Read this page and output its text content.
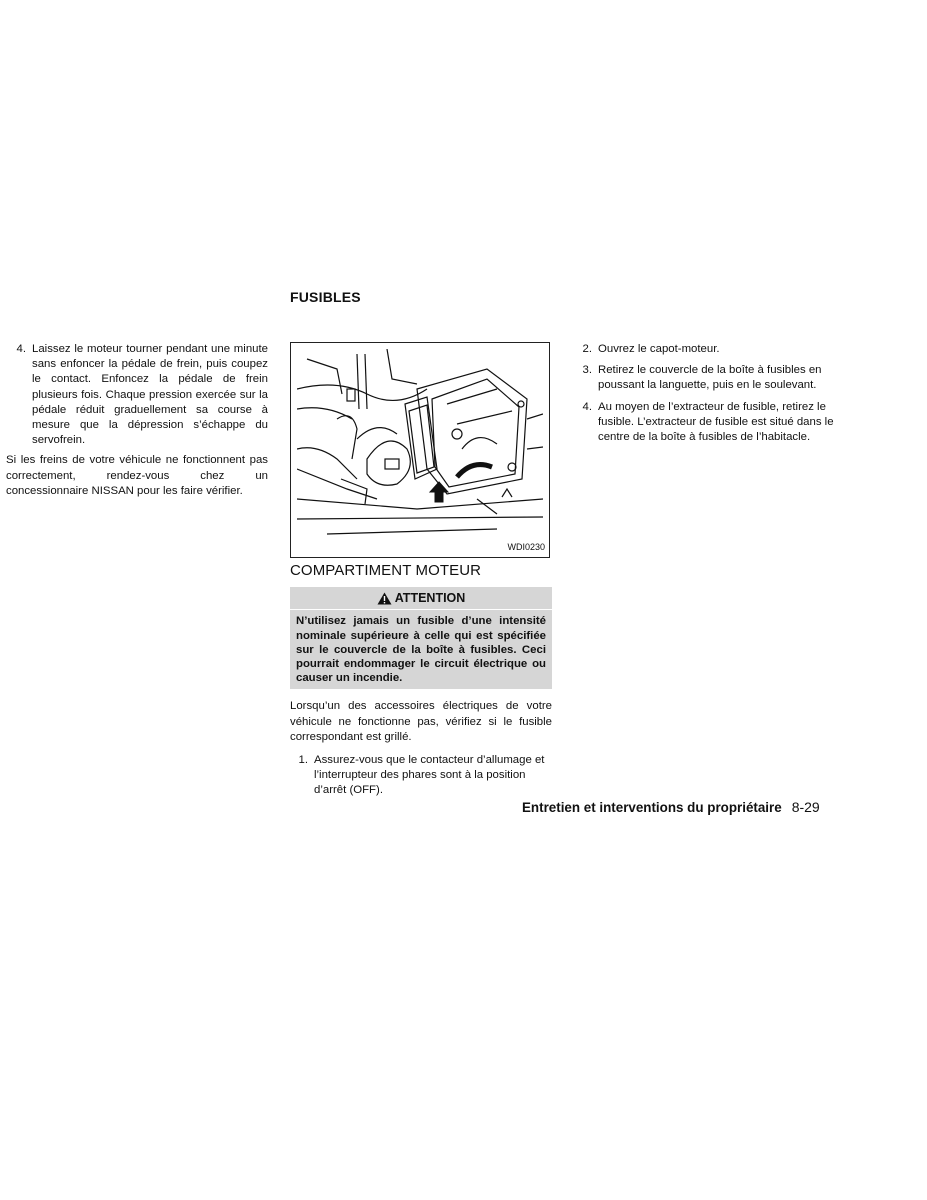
FUSIBLES
4. Laissez le moteur tourner pendant une minute sans enfoncer la pédale de frein, puis coupez le contact. Enfoncez la pédale de frein plusieurs fois. Chaque pression exercée sur la pédale réduit graduellement sa course à mesure que la dépression s’échappe du servofrein.

Si les freins de votre véhicule ne fonctionnent pas correctement, rendez-vous chez un concessionnaire NISSAN pour les faire vérifier.

WDI0230
COMPARTIMENT MOTEUR
ATTENTION
N’utilisez jamais un fusible d’une intensité nominale supérieure à celle qui est spécifiée sur le couvercle de la boîte à fusibles. Ceci pourrait endommager le circuit électrique ou causer un incendie.

Lorsqu’un des accessoires électriques de votre véhicule ne fonctionne pas, vérifiez si le fusible correspondant est grillé.

1. Assurez-vous que le contacteur d’allumage et l’interrupteur des phares sont à la position d’arrêt (OFF).
2. Ouvrez le capot-moteur.
3. Retirez le couvercle de la boîte à fusibles en poussant la languette, puis en le soulevant.
4. Au moyen de l’extracteur de fusible, retirez le fusible. L’extracteur de fusible est situé dans le centre de la boîte à fusibles de l’habitacle.
Entretien et interventions du propriétaire 8-29
